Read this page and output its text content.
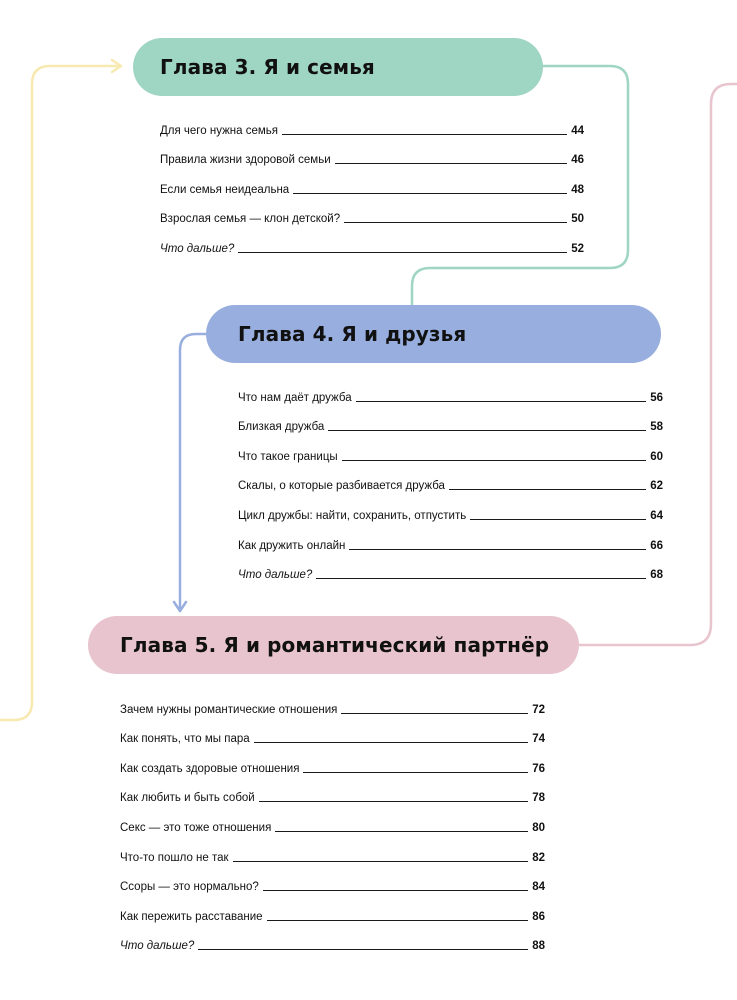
Глава 3. Я и семья
Для чего нужна семья	44
Правила жизни здоровой семьи	46
Если семья неидеальна	48
Взрослая семья — клон детской?	50
Что дальше?	52
Глава 4. Я и друзья
Что нам даёт дружба	56
Близкая дружба	58
Что такое границы	60
Скалы, о которые разбивается дружба	62
Цикл дружбы: найти, сохранить, отпустить	64
Как дружить онлайн	66
Что дальше?	68
Глава 5. Я и романтический партнёр
Зачем нужны романтические отношения	72
Как понять, что мы пара	74
Как создать здоровые отношения	76
Как любить и быть собой	78
Секс — это тоже отношения	80
Что-то пошло не так	82
Ссоры — это нормально?	84
Как пережить расставание	86
Что дальше?	88
